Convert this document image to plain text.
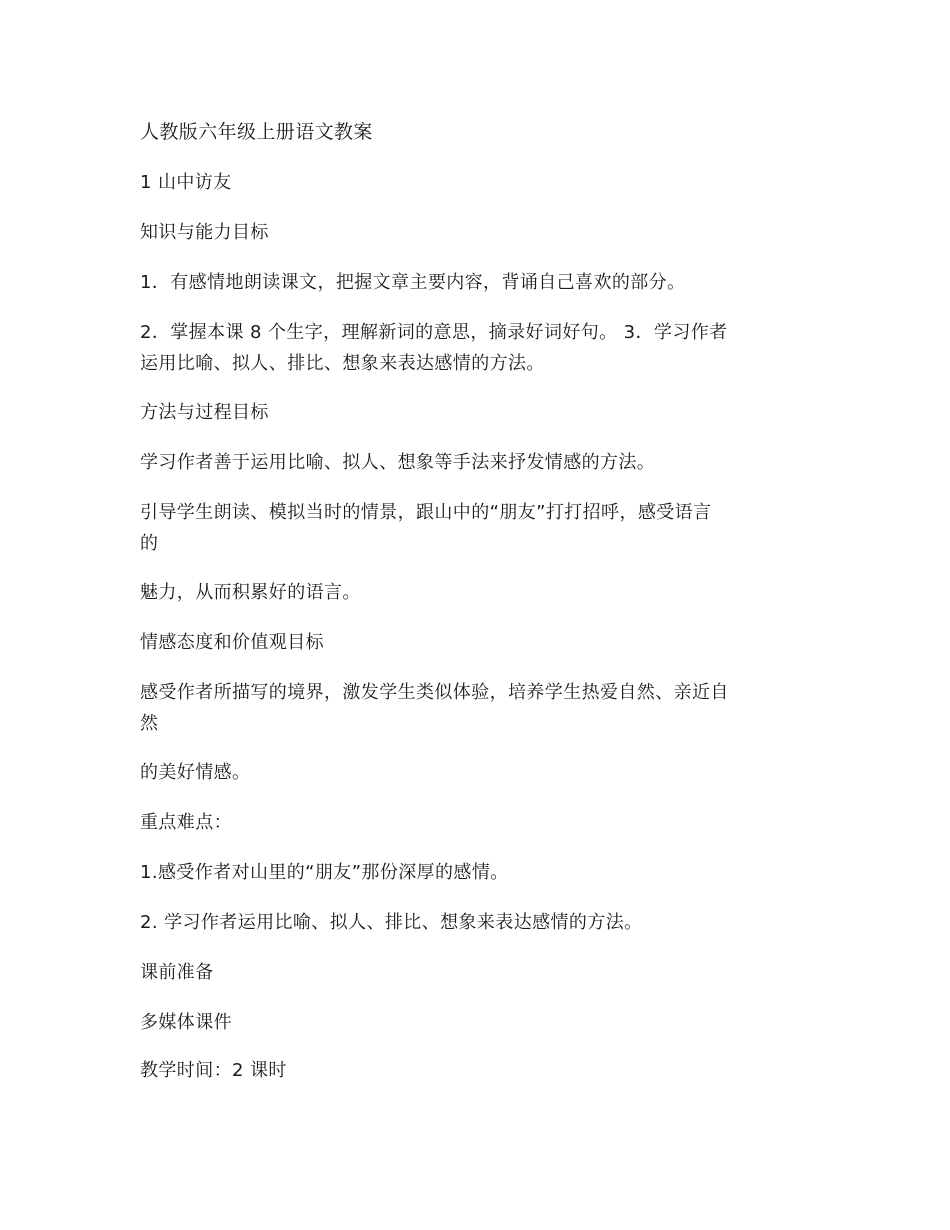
人教版六年级上册语文教案
1 山中访友
知识与能力目标
1．有感情地朗读课文，把握文章主要内容，背诵自己喜欢的部分。
2．掌握本课 8 个生字，理解新词的意思，摘录好词好句。 3．学习作者
运用比喻、拟人、排比、想象来表达感情的方法。
方法与过程目标
学习作者善于运用比喻、拟人、想象等手法来抒发情感的方法。
引导学生朗读、模拟当时的情景，跟山中的“朋友”打打招呼，感受语言
的
魅力，从而积累好的语言。
情感态度和价值观目标
感受作者所描写的境界，激发学生类似体验，培养学生热爱自然、亲近自
然
的美好情感。
重点难点：
1.感受作者对山里的“朋友”那份深厚的感情。
2. 学习作者运用比喻、拟人、排比、想象来表达感情的方法。
课前准备
多媒体课件
教学时间：2 课时
